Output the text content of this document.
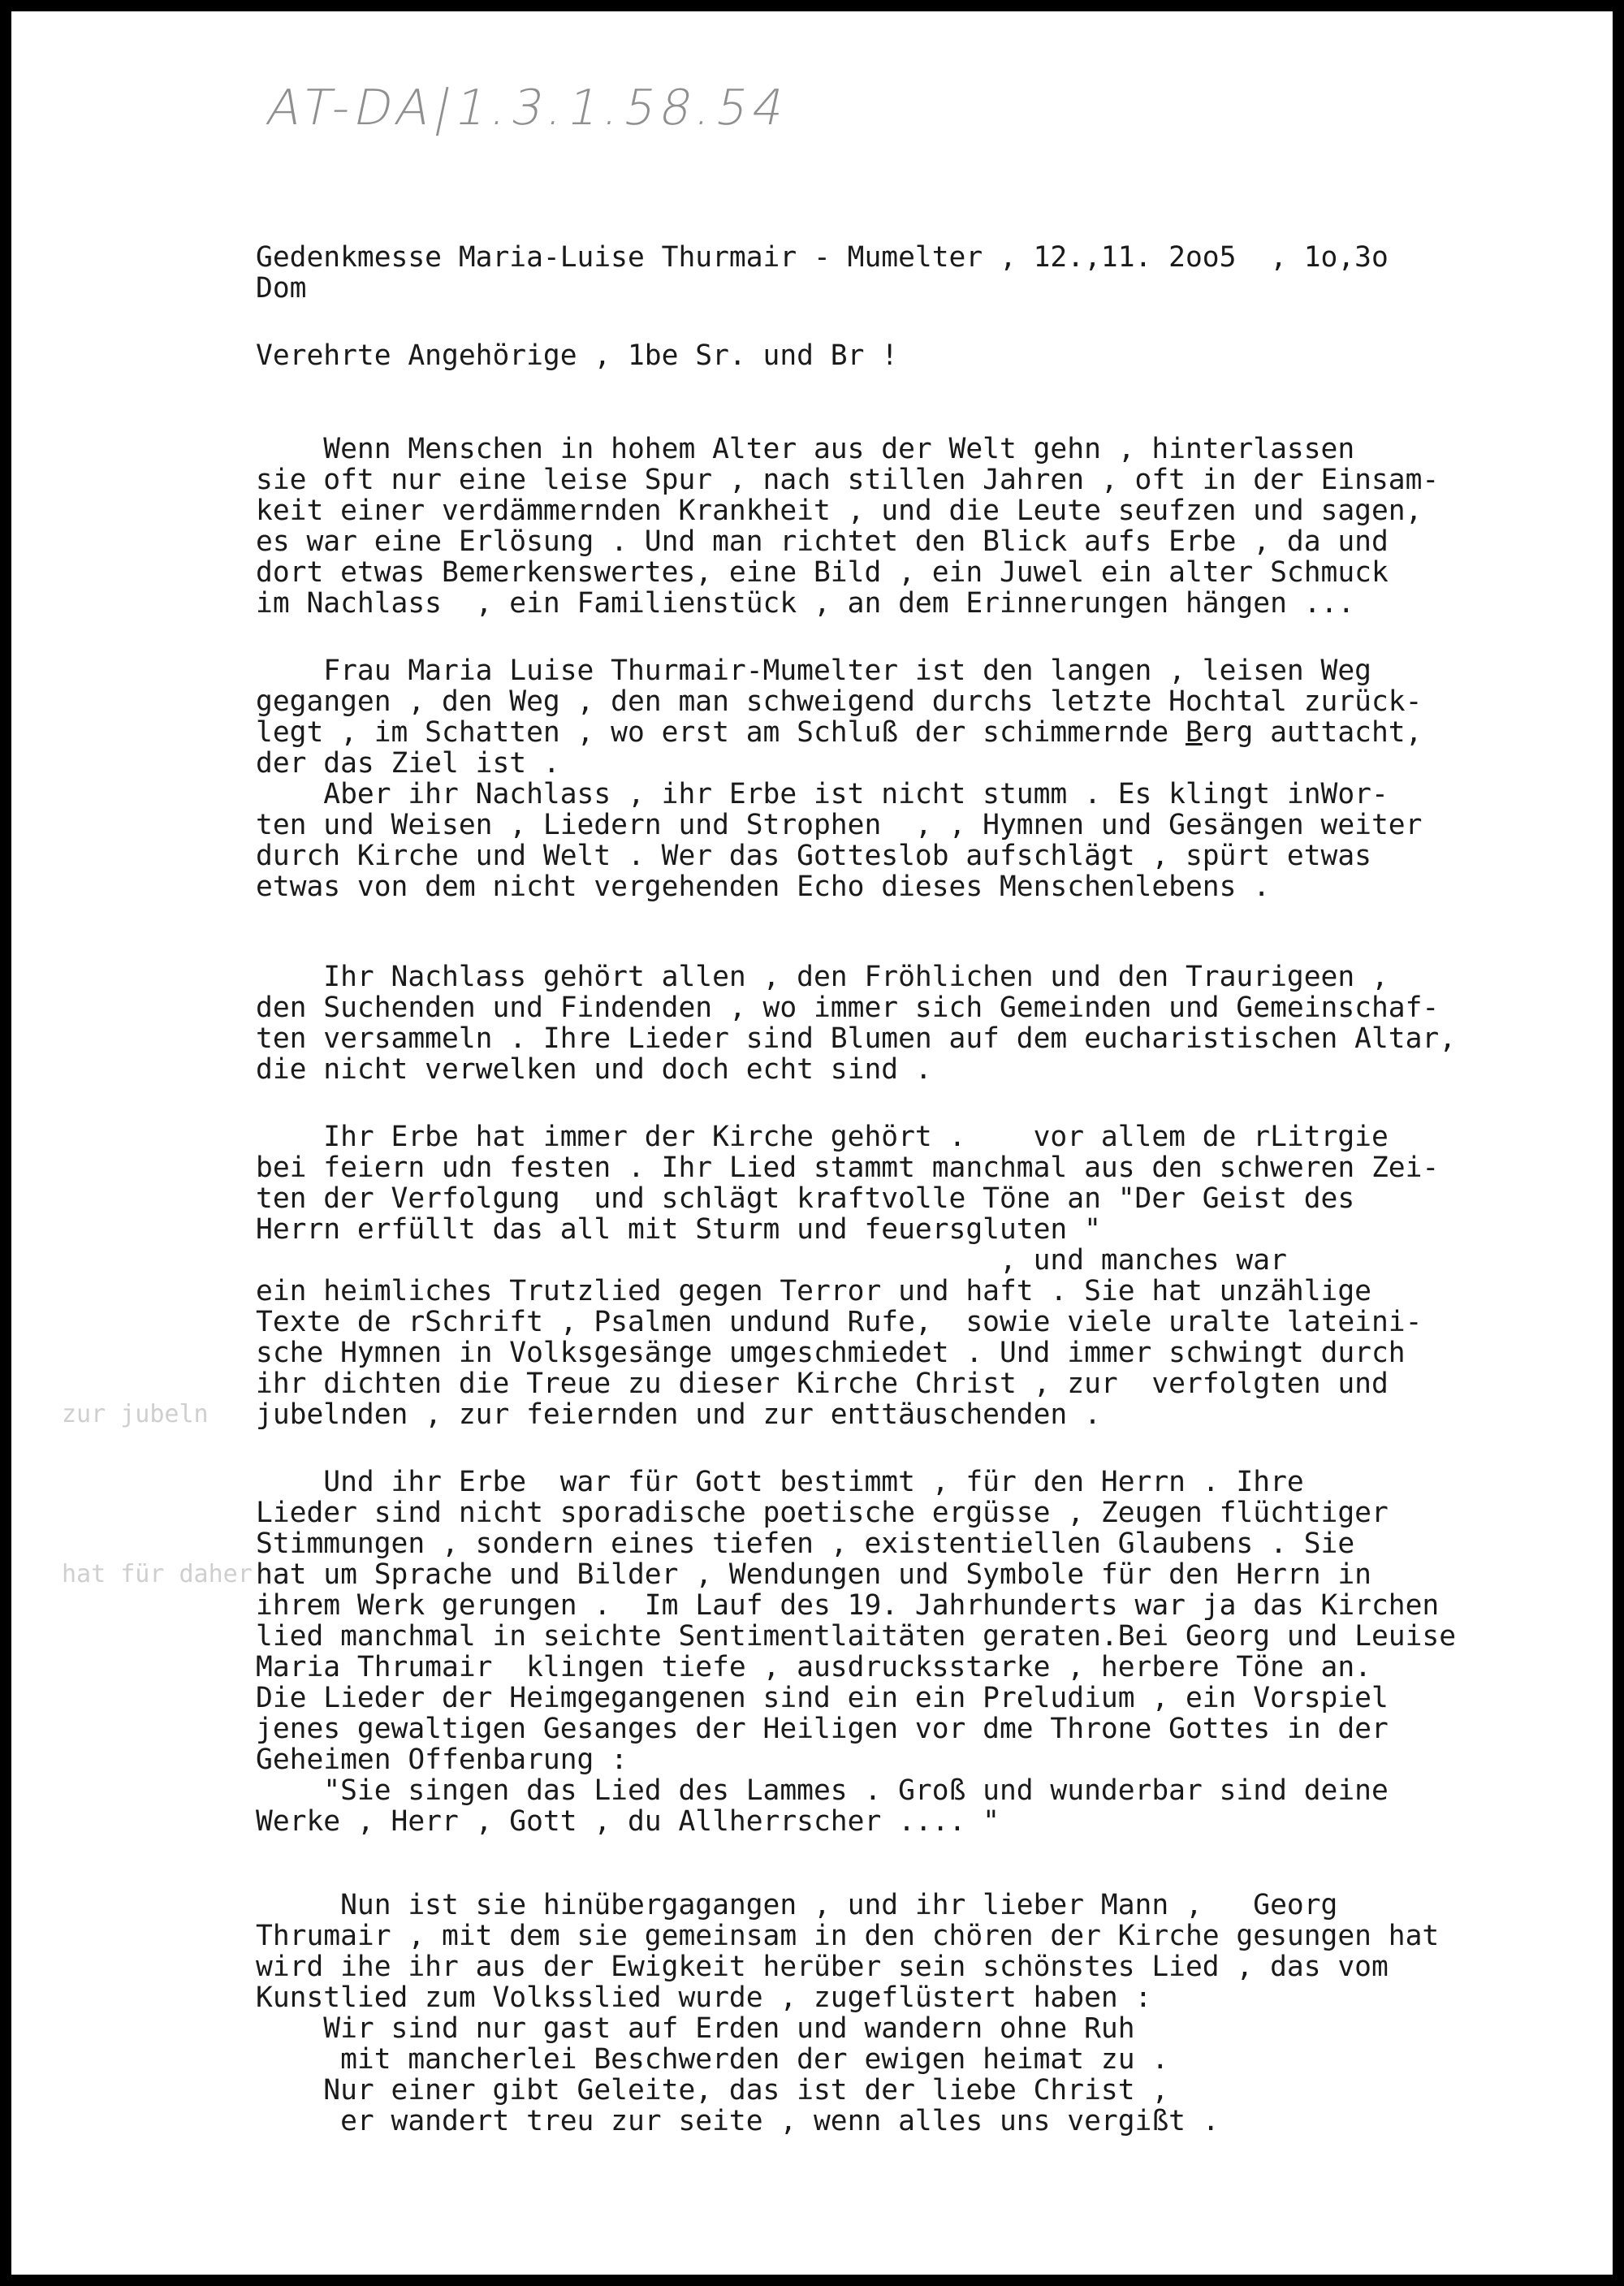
AT-DA|1.3.1.58.54
Gedenkmesse Maria-Luise Thurmair - Mumelter , 12.,11. 2oo5  , 1o,3o
Dom
Verehrte Angehörige , 1be Sr. und Br !
Wenn Menschen in hohem Alter aus der Welt gehn , hinterlassen
sie oft nur eine leise Spur , nach stillen Jahren , oft in der Einsam-
keit einer verdämmernden Krankheit , und die Leute seufzen und sagen,
es war eine Erlösung . Und man richtet den Blick aufs Erbe , da und
dort etwas Bemerkenswertes, eine Bild , ein Juwel ein alter Schmuck
im Nachlass  , ein Familienstück , an dem Erinnerungen hängen ...
Frau Maria Luise Thurmair-Mumelter ist den langen , leisen Weg
gegangen , den Weg , den man schweigend durchs letzte Hochtal zurück-
legt , im Schatten , wo erst am Schluß der schimmernde Berg auttacht,
der das Ziel ist .
Aber ihr Nachlass , ihr Erbe ist nicht stumm . Es klingt inWor-
ten und Weisen , Liedern und Strophen  , , Hymnen und Gesängen weiter
durch Kirche und Welt . Wer das Gotteslob aufschlägt , spürt etwas
etwas von dem nicht vergehenden Echo dieses Menschenlebens .
Ihr Nachlass gehört allen , den Fröhlichen und den Traurigeen ,
den Suchenden und Findenden , wo immer sich Gemeinden und Gemeinschaf-
ten versammeln . Ihre Lieder sind Blumen auf dem eucharistischen Altar,
die nicht verwelken und doch echt sind .
Ihr Erbe hat immer der Kirche gehört .    vor allem de rLitrgie
bei feiern udn festen . Ihr Lied stammt manchmal aus den schweren Zei-
ten der Verfolgung  und schlägt kraftvolle Töne an "Der Geist des
Herrn erfüllt das all mit Sturm und feuersgluten "
, und manches war
ein heimliches Trutzlied gegen Terror und haft . Sie hat unzählige
Texte de rSchrift , Psalmen undund Rufe,  sowie viele uralte lateini-
sche Hymnen in Volksgesänge umgeschmiedet . Und immer schwingt durch
ihr dichten die Treue zu dieser Kirche Christ , zur  verfolgten und
zur jubeln jubelnden , zur feiernden und zur enttäuschenden .
Und ihr Erbe  war für Gott bestimmt , für den Herrn . Ihre
Lieder sind nicht sporadische poetische ergüsse , Zeugen flüchtiger
Stimmungen , sondern eines tiefen , existentiellen Glaubens . Sie
hat für daher hat um Sprache und Bilder , Wendungen und Symbole für den Herrn in
ihrem Werk gerungen .  Im Lauf des 19. Jahrhunderts war ja das Kirchen
lied manchmal in seichte Sentimentlaitäten geraten.Bei Georg und Leuise
Maria Thrumair  klingen tiefe , ausdrucksstarke , herbere Töne an.
Die Lieder der Heimgegangenen sind ein ein Preludium , ein Vorspiel
jenes gewaltigen Gesanges der Heiligen vor dme Throne Gottes in der
Geheimen Offenbarung :
"Sie singen das Lied des Lammes . Groß und wunderbar sind deine
Werke , Herr , Gott , du Allherrscher .... "
Nun ist sie hinübergagangen , und ihr lieber Mann ,   Georg
Thrumair , mit dem sie gemeinsam in den chören der Kirche gesungen hat
wird ihe ihr aus der Ewigkeit herüber sein schönstes Lied , das vom
Kunstlied zum Volksslied wurde , zugeflüstert haben :
Wir sind nur gast auf Erden und wandern ohne Ruh
mit mancherlei Beschwerden der ewigen heimat zu .
Nur einer gibt Geleite, das ist der liebe Christ ,
er wandert treu zur seite , wenn alles uns vergißt .
